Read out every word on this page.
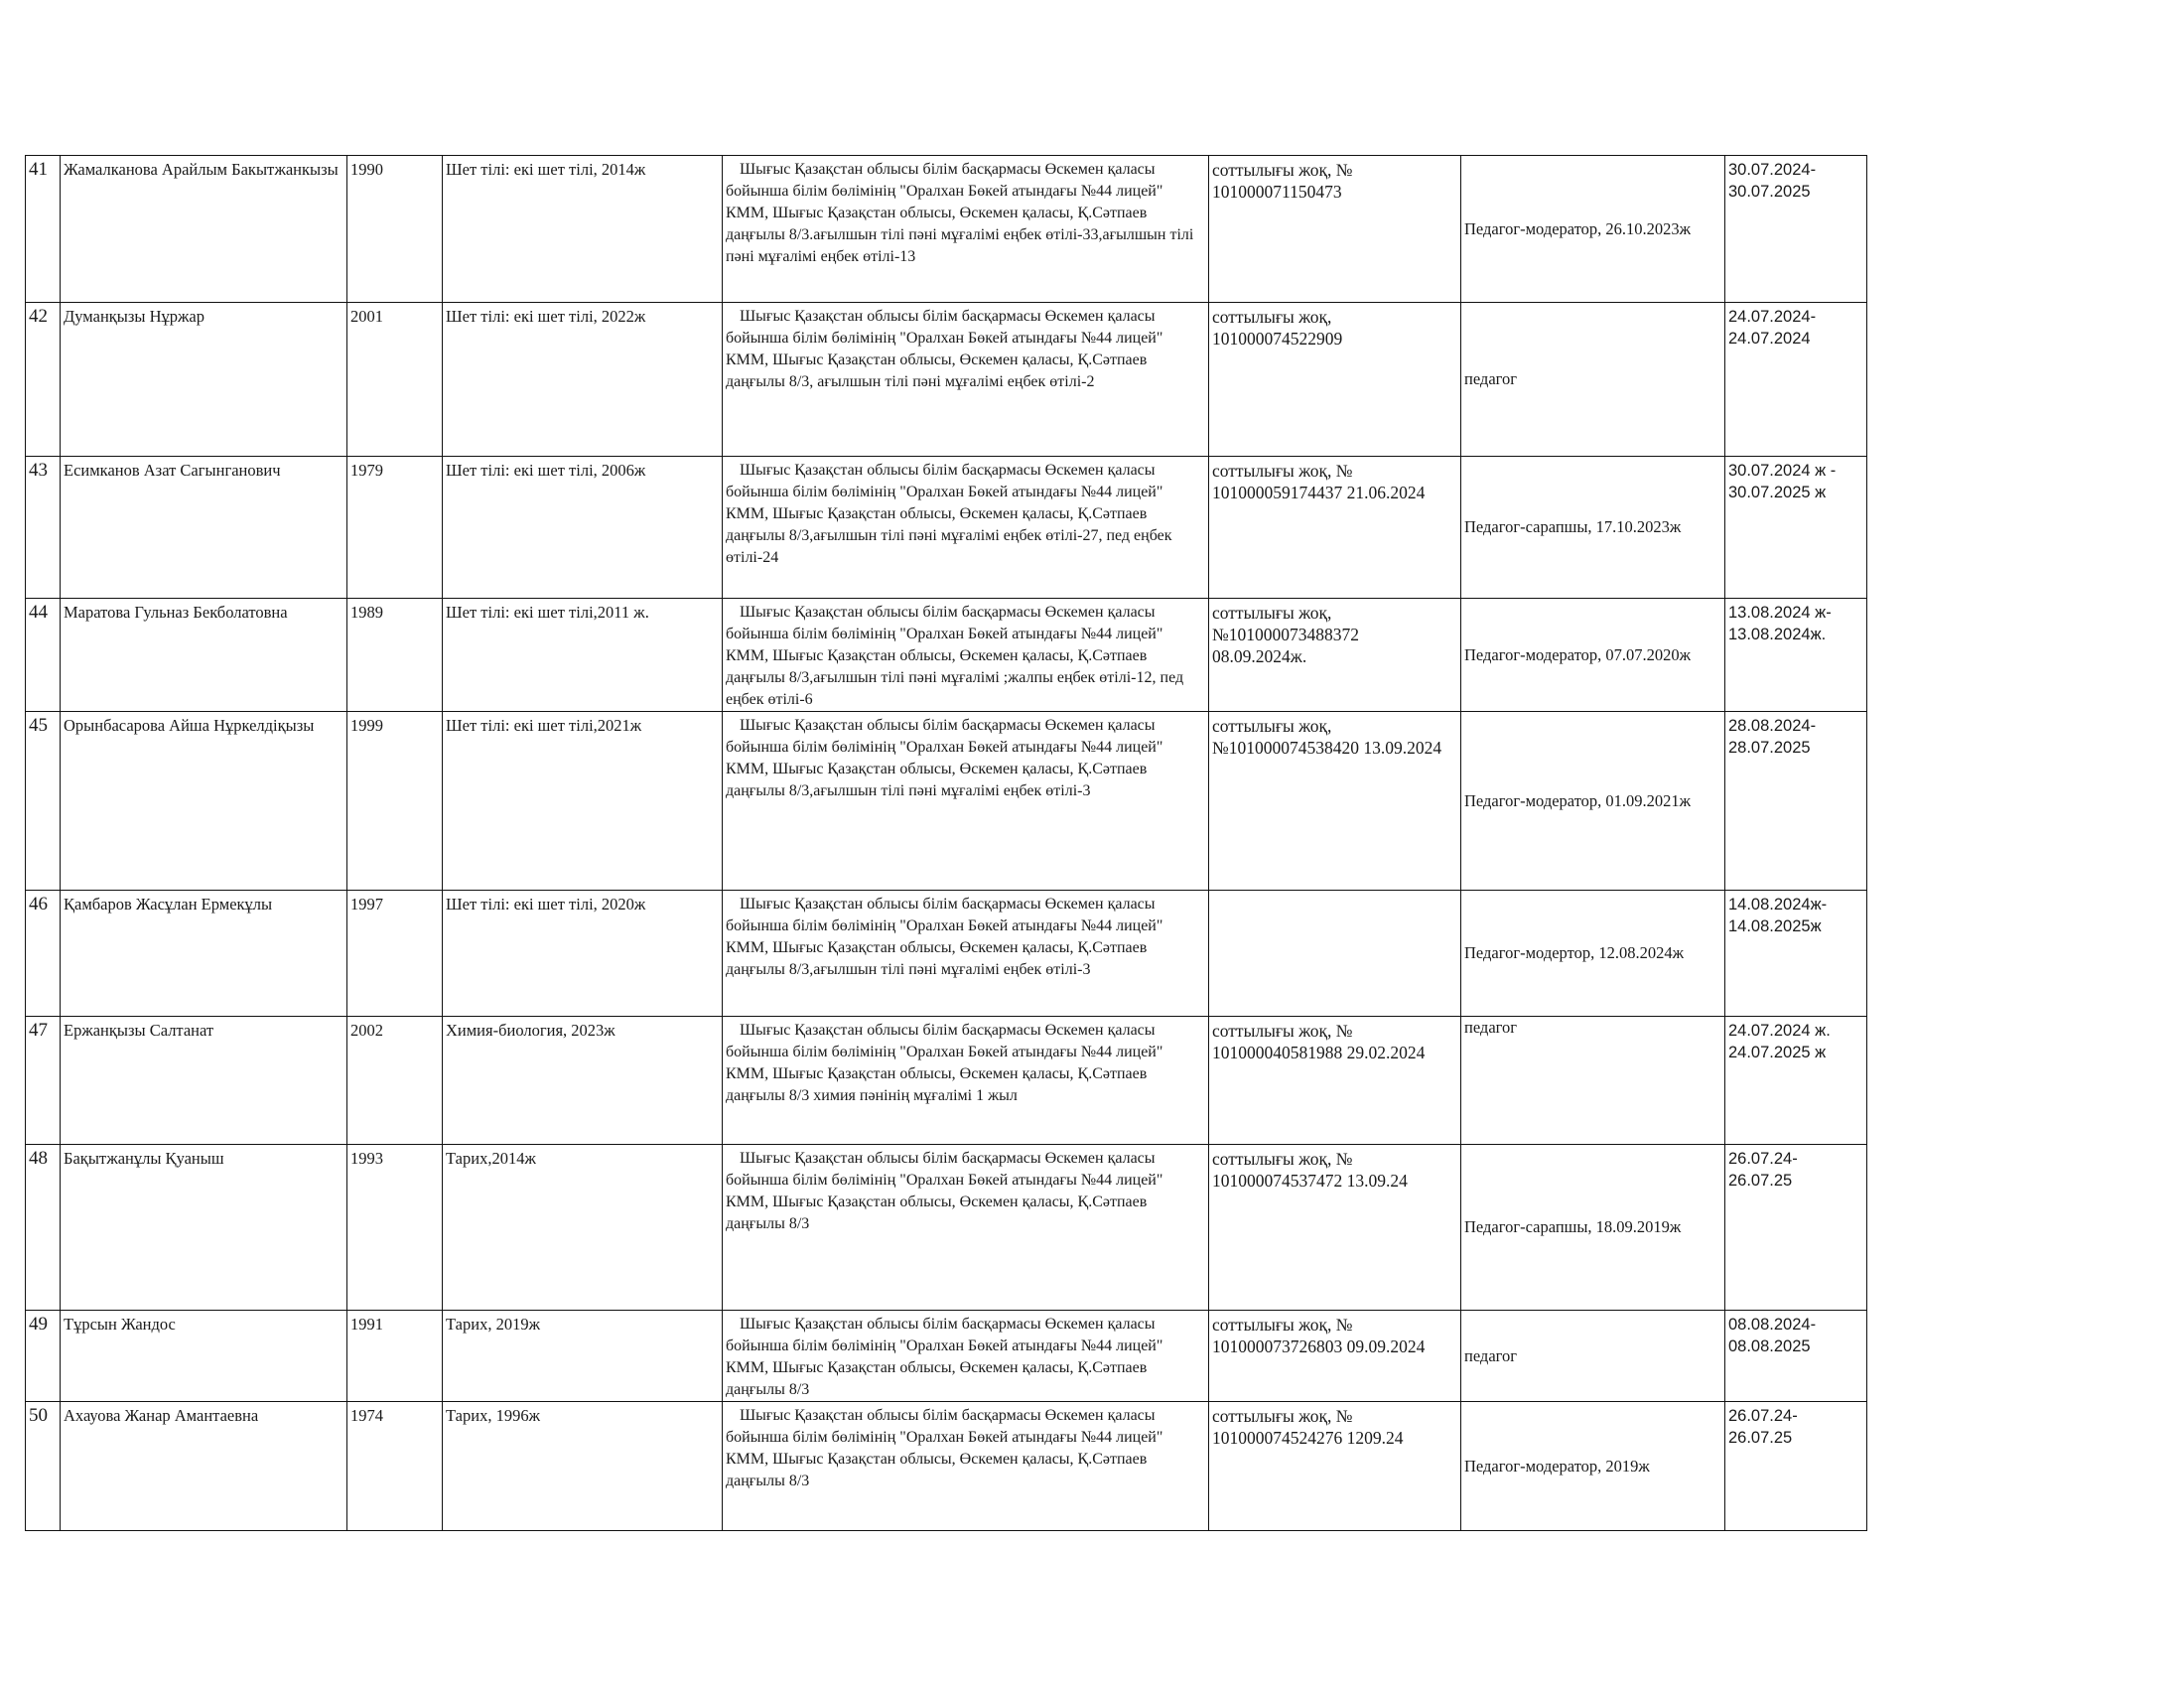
41	Жамалканова Арайлым Бакытжанкызы	1990	Шет тілі: екі шет тілі, 2014ж	Шығыс Қазақстан облысы білім басқармасы Өскемен қаласы бойынша білім бөлімінің "Оралхан Бөкей атындағы №44 лицей" КММ, Шығыс Қазақстан облысы, Өскемен қаласы, Қ.Сәтпаев даңғылы 8/3.ағылшын тілі пәні мұғалімі еңбек өтілі-33,ағылшын тілі пәні мұғалімі еңбек өтілі-13	соттылығы жоқ, № 101000071150473	Педагог-модератор, 26.10.2023ж	30.07.2024- 30.07.2025
42	Думанқызы Нұржар	2001	Шет тілі: екі шет тілі, 2022ж	Шығыс Қазақстан облысы білім басқармасы Өскемен қаласы бойынша білім бөлімінің "Оралхан Бөкей атындағы №44 лицей" КММ, Шығыс Қазақстан облысы, Өскемен қаласы, Қ.Сәтпаев даңғылы 8/3, ағылшын тілі пәні мұғалімі еңбек өтілі-2	соттылығы жоқ, 101000074522909	педагог	24.07.2024- 24.07.2024
43	Есимканов Азат Сагынганович	1979	Шет тілі: екі шет тілі, 2006ж	Шығыс Қазақстан облысы білім басқармасы Өскемен қаласы бойынша білім бөлімінің "Оралхан Бөкей атындағы №44 лицей" КММ, Шығыс Қазақстан облысы, Өскемен қаласы, Қ.Сәтпаев даңғылы 8/3,ағылшын тілі пәні мұғалімі еңбек өтілі-27, пед еңбек өтілі-24	соттылығы жоқ, № 101000059174437 21.06.2024	Педагог-сарапшы, 17.10.2023ж	30.07.2024 ж - 30.07.2025 ж
44	Маратова Гульназ Бекболатовна	1989	Шет тілі: екі шет тілі,2011 ж.	Шығыс Қазақстан облысы білім басқармасы Өскемен қаласы бойынша білім бөлімінің "Оралхан Бөкей атындағы №44 лицей" КММ, Шығыс Қазақстан облысы, Өскемен қаласы, Қ.Сәтпаев даңғылы 8/3,ағылшын тілі пәні мұғалімі ;жалпы еңбек өтілі-12, пед еңбек өтілі-6	соттылығы жоқ, №101000073488372 08.09.2024ж.	Педагог-модератор, 07.07.2020ж	13.08.2024 ж- 13.08.2024ж.
45	Орынбасарова Айша Нұркелдіқызы	1999	Шет тілі: екі шет тілі,2021ж	Шығыс Қазақстан облысы білім басқармасы Өскемен қаласы бойынша білім бөлімінің "Оралхан Бөкей атындағы №44 лицей" КММ, Шығыс Қазақстан облысы, Өскемен қаласы, Қ.Сәтпаев даңғылы 8/3,ағылшын тілі пәні мұғалімі еңбек өтілі-3	соттылығы жоқ, №101000074538420 13.09.2024	Педагог-модератор, 01.09.2021ж	28.08.2024- 28.07.2025
46	Қамбаров Жасұлан Ермекұлы	1997	Шет тілі: екі шет тілі, 2020ж	Шығыс Қазақстан облысы білім басқармасы Өскемен қаласы бойынша білім бөлімінің "Оралхан Бөкей атындағы №44 лицей" КММ, Шығыс Қазақстан облысы, Өскемен қаласы, Қ.Сәтпаев даңғылы 8/3,ағылшын тілі пәні мұғалімі еңбек өтілі-3		Педагог-модертор, 12.08.2024ж	14.08.2024ж- 14.08.2025ж
47	Ержанқызы Салтанат	2002	Химия-биология, 2023ж	Шығыс Қазақстан облысы білім басқармасы Өскемен қаласы бойынша білім бөлімінің "Оралхан Бөкей атындағы №44 лицей" КММ, Шығыс Қазақстан облысы, Өскемен қаласы, Қ.Сәтпаев даңғылы 8/3 химия пәнінің мұғалімі 1 жыл	соттылығы жоқ, № 101000040581988 29.02.2024	педагог	24.07.2024 ж. 24.07.2025 ж
48	Бақытжанұлы Қуаныш	1993	Тарих,2014ж	Шығыс Қазақстан облысы білім басқармасы Өскемен қаласы бойынша білім бөлімінің "Оралхан Бөкей атындағы №44 лицей" КММ, Шығыс Қазақстан облысы, Өскемен қаласы, Қ.Сәтпаев даңғылы 8/3	соттылығы жоқ, № 101000074537472 13.09.24	Педагог-сарапшы, 18.09.2019ж	26.07.24- 26.07.25
49	Тұрсын Жандос	1991	Тарих, 2019ж	Шығыс Қазақстан облысы білім басқармасы Өскемен қаласы бойынша білім бөлімінің "Оралхан Бөкей атындағы №44 лицей" КММ, Шығыс Қазақстан облысы, Өскемен қаласы, Қ.Сәтпаев даңғылы 8/3	соттылығы жоқ, № 101000073726803 09.09.2024	педагог	08.08.2024- 08.08.2025
50	Ахауова Жанар Амантаевна	1974	Тарих, 1996ж	Шығыс Қазақстан облысы білім басқармасы Өскемен қаласы бойынша білім бөлімінің "Оралхан Бөкей атындағы №44 лицей" КММ, Шығыс Қазақстан облысы, Өскемен қаласы, Қ.Сәтпаев даңғылы 8/3	соттылығы жоқ, № 101000074524276 1209.24	Педагог-модератор, 2019ж	26.07.24- 26.07.25
